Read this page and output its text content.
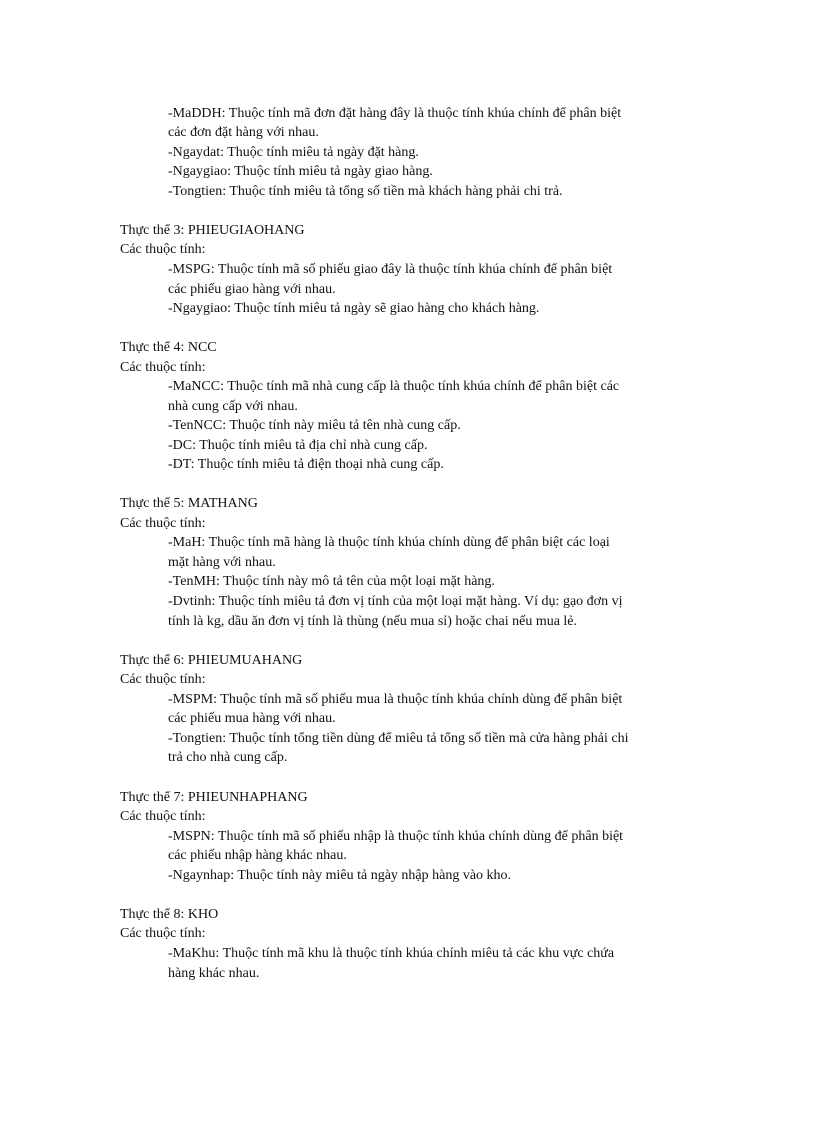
-MaDDH: Thuộc tính mã đơn đặt hàng đây là thuộc tính khúa chính để phân biệt
các đơn đặt hàng với nhau.
-Ngaydat: Thuộc tính miêu tả ngày đặt hàng.
-Ngaygiao: Thuộc tính miêu tả ngày giao hàng.
-Tongtien: Thuộc tính miêu tả tổng số tiền mà khách hàng phải chi trả.
Thực thể 3: PHIEUGIAOHANG
Các thuộc tính:
-MSPG: Thuộc tính mã số phiếu giao đây là thuộc tính khúa chính để phân biệt
các phiếu giao hàng với nhau.
-Ngaygiao: Thuộc tính miêu tả ngày sẽ giao hàng cho khách hàng.
Thực thể 4: NCC
Các thuộc tính:
-MaNCC: Thuộc tính mã nhà cung cấp là thuộc tính khúa chính để phân biệt các
nhà cung cấp với nhau.
-TenNCC: Thuộc tính này miêu tả tên nhà cung cấp.
-DC: Thuộc tính miêu tả địa chỉ nhà cung cấp.
-DT: Thuộc tính miêu tả điện thoại nhà cung cấp.
Thực thể 5: MATHANG
Các thuộc tính:
-MaH: Thuộc tính mã hàng là thuộc tính khúa chính dùng để phân biệt các loại
mặt hàng với nhau.
-TenMH: Thuộc tính này mô tả tên của một loại mặt hàng.
-Dvtinh: Thuộc tính miêu tả đơn vị tính của một loại mặt hàng. Ví dụ: gạo đơn vị
tính là kg, dầu ăn đơn vị tính là thùng (nếu mua sỉ) hoặc chai nếu mua lẻ.
Thực thể 6: PHIEUMUAHANG
Các thuộc tính:
-MSPM: Thuộc tính mã số phiếu mua là thuộc tính khúa chính dùng để phân biệt
các phiếu mua hàng với nhau.
-Tongtien: Thuộc tính tổng tiền dùng để miêu tả tổng số tiền mà cửa hàng phải chi
trả cho nhà cung cấp.
Thực thể 7: PHIEUNHAPHANG
Các thuộc tính:
-MSPN: Thuộc tính mã số phiếu nhập là thuộc tính khúa chính dùng để phân biệt
các phiếu nhập hàng khác nhau.
-Ngaynhap: Thuộc tính này miêu tả ngày nhập hàng vào kho.
Thực thể 8: KHO
Các thuộc tính:
-MaKhu: Thuộc tính mã khu là thuộc tính khúa chính miêu tả các khu vực chứa
hàng khác nhau.
